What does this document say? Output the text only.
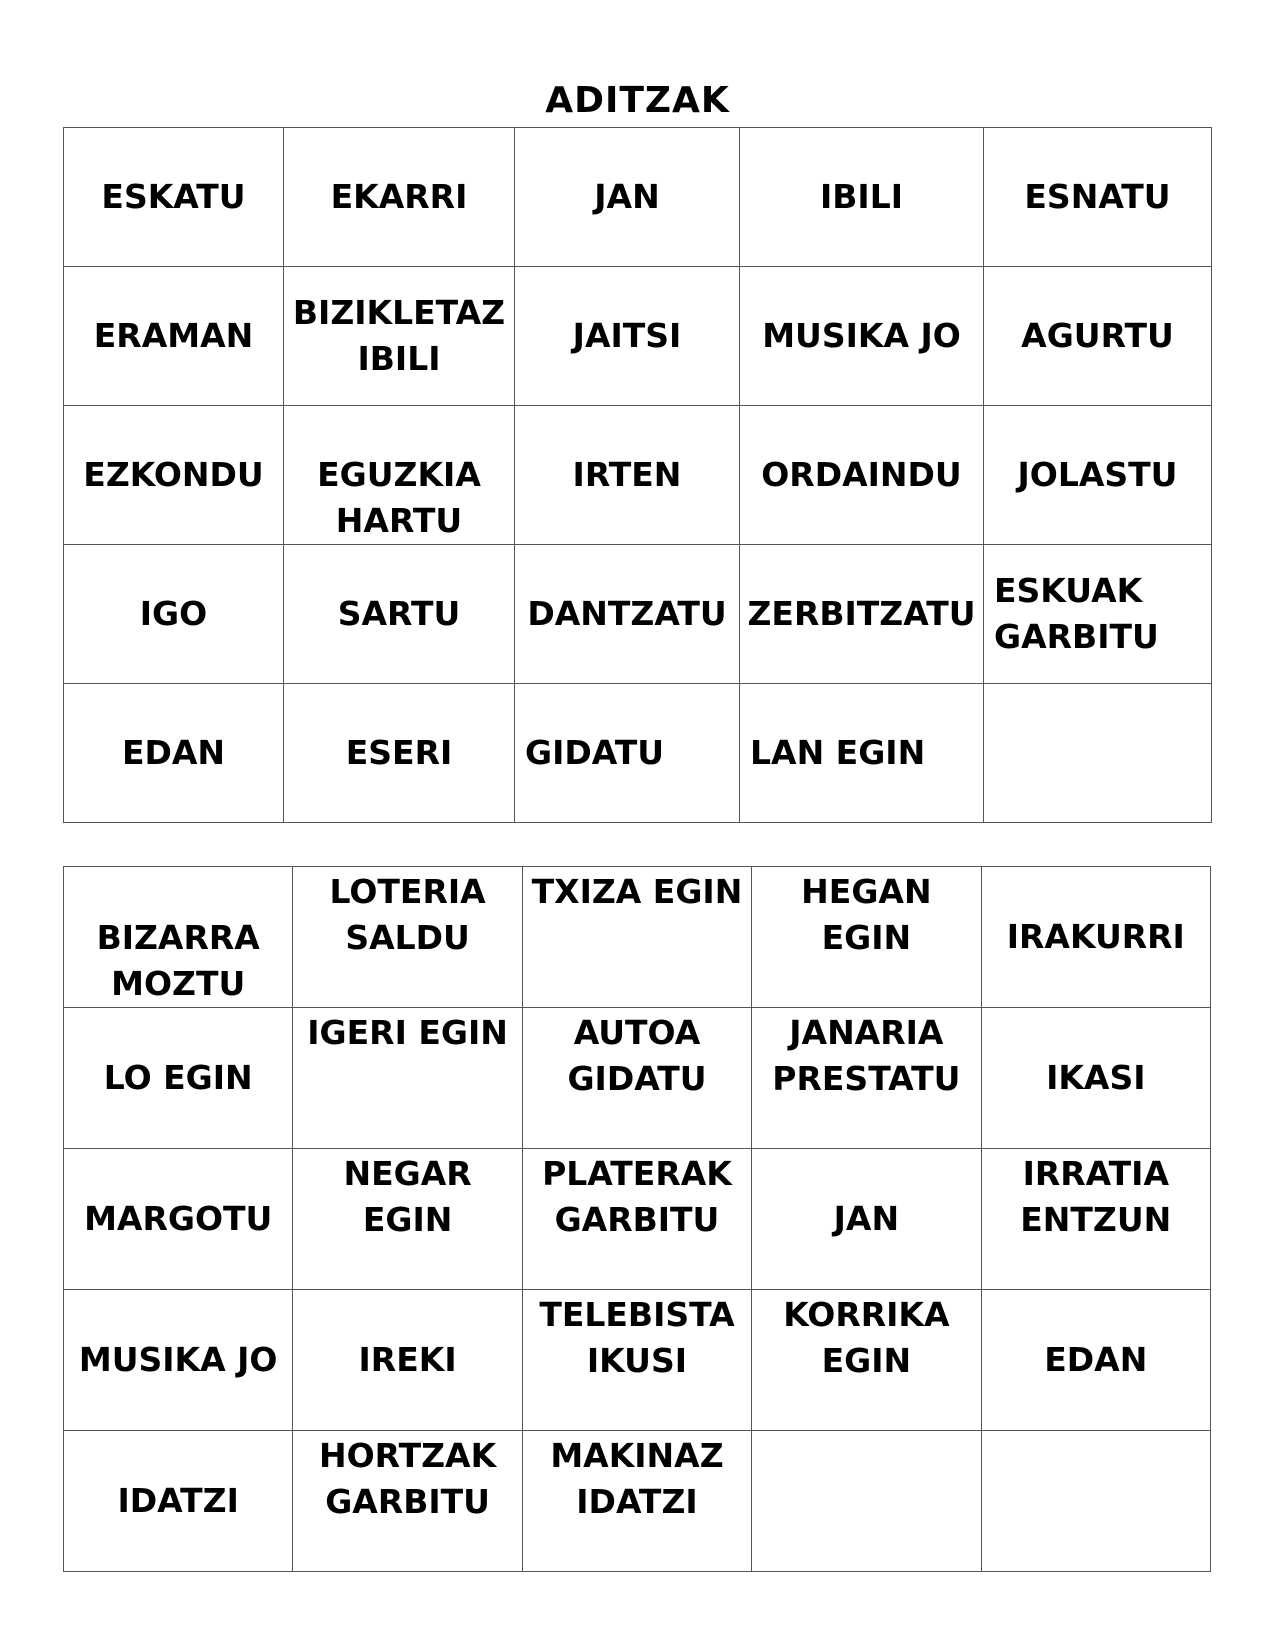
ADITZAK
ESKATU	EKARRI	JAN	IBILI	ESNATU
ERAMAN	BIZIKLETAZ IBILI	JAITSI	MUSIKA JO	AGURTU
EZKONDU	EGUZKIA HARTU	IRTEN	ORDAINDU	JOLASTU
IGO	SARTU	DANTZATU	ZERBITZATU	ESKUAK GARBITU
EDAN	ESERI	GIDATU	LAN EGIN	
BIZARRA MOZTU	LOTERIA SALDU	TXIZA EGIN	HEGAN EGIN	IRAKURRI
LO EGIN	IGERI EGIN	AUTOA GIDATU	JANARIA PRESTATU	IKASI
MARGOTU	NEGAR EGIN	PLATERAK GARBITU	JAN	IRRATIA ENTZUN
MUSIKA JO	IREKI	TELEBISTA IKUSI	KORRIKA EGIN	EDAN
IDATZI	HORTZAK GARBITU	MAKINAZ IDATZI		
